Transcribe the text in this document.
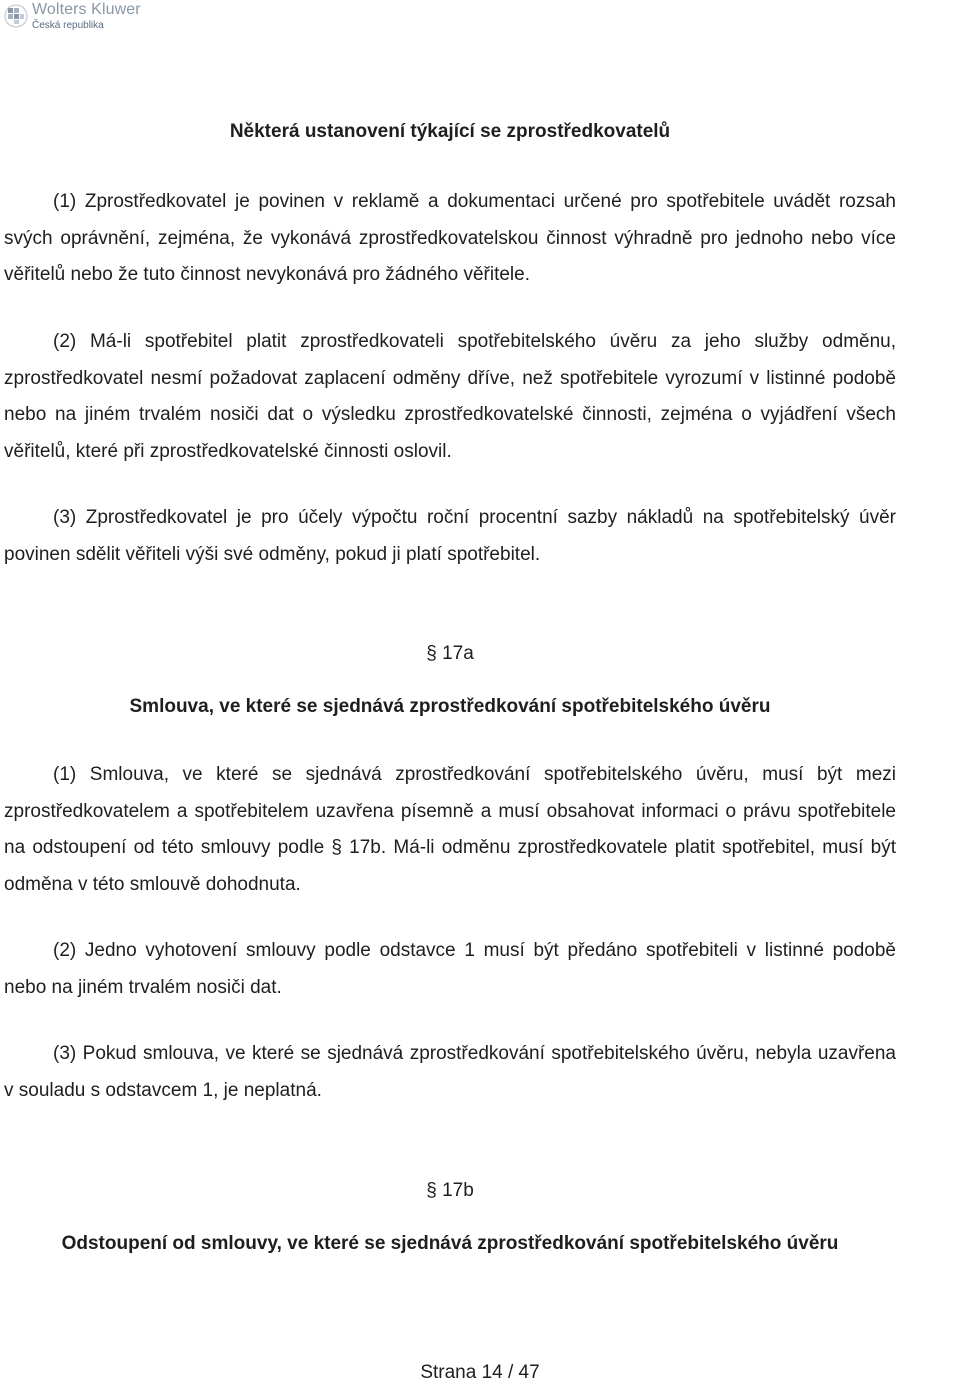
Wolters Kluwer
Česká republika
Některá ustanovení týkající se zprostředkovatelů

(1) Zprostředkovatel je povinen v reklamě a dokumentaci určené pro spotřebitele uvádět rozsah svých oprávnění, zejména, že vykonává zprostředkovatelskou činnost výhradně pro jednoho nebo více věřitelů nebo že tuto činnost nevykonává pro žádného věřitele.

(2) Má-li spotřebitel platit zprostředkovateli spotřebitelského úvěru za jeho služby odměnu, zprostředkovatel nesmí požadovat zaplacení odměny dříve, než spotřebitele vyrozumí v listinné podobě nebo na jiném trvalém nosiči dat o výsledku zprostředkovatelské činnosti, zejména o vyjádření všech věřitelů, které při zprostředkovatelské činnosti oslovil.

(3) Zprostředkovatel je pro účely výpočtu roční procentní sazby nákladů na spotřebitelský úvěr povinen sdělit věřiteli výši své odměny, pokud ji platí spotřebitel.

§ 17a
Smlouva, ve které se sjednává zprostředkování spotřebitelského úvěru

(1) Smlouva, ve které se sjednává zprostředkování spotřebitelského úvěru, musí být mezi zprostředkovatelem a spotřebitelem uzavřena písemně a musí obsahovat informaci o právu spotřebitele na odstoupení od této smlouvy podle § 17b. Má-li odměnu zprostředkovatele platit spotřebitel, musí být odměna v této smlouvě dohodnuta.

(2) Jedno vyhotovení smlouvy podle odstavce 1 musí být předáno spotřebiteli v listinné podobě nebo na jiném trvalém nosiči dat.

(3) Pokud smlouva, ve které se sjednává zprostředkování spotřebitelského úvěru, nebyla uzavřena v souladu s odstavcem 1, je neplatná.

§ 17b
Odstoupení od smlouvy, ve které se sjednává zprostředkování spotřebitelského úvěru
Strana 14 / 47
